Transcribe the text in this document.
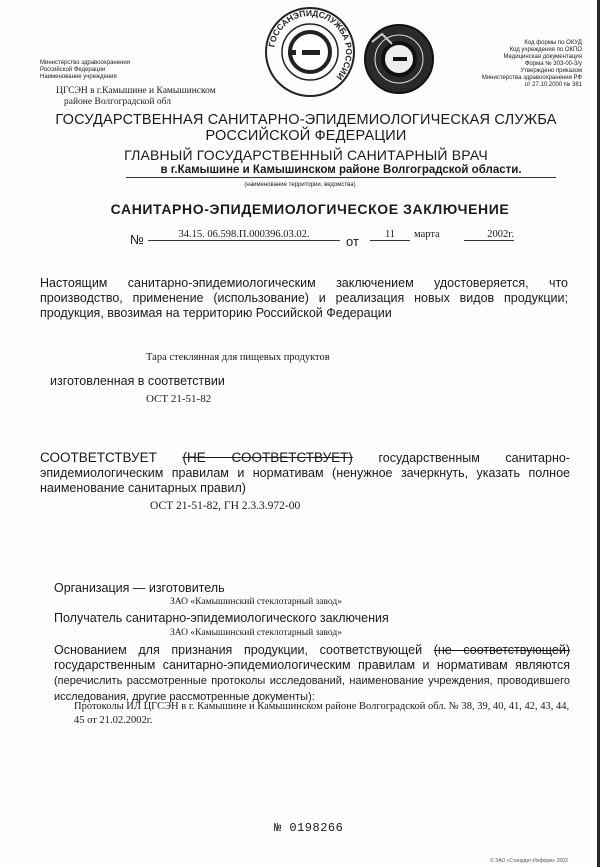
Министерство здравоохранения
Российской Федерации
Наименование учреждения
ЦГСЭН в г.Камышине и Камышинском
районе Волгоградской обл
ГОССАНЭПИДСЛУЖБА РОССИИ
Код формы по ОКУД
Код учреждения по ОКПО
Медицинская документация
Форма № 303-00-3/у
Утверждено приказом
Министерства здравоохранения РФ
от 27.10.2000 № 381
ГОСУДАРСТВЕННАЯ САНИТАРНО-ЭПИДЕМИОЛОГИЧЕСКАЯ СЛУЖБА
РОССИЙСКОЙ ФЕДЕРАЦИИ
ГЛАВНЫЙ ГОСУДАРСТВЕННЫЙ САНИТАРНЫЙ ВРАЧ
в г.Камышине и Камышинском районе Волгоградской области.
(наименование территории, ведомства)
САНИТАРНО-ЭПИДЕМИОЛОГИЧЕСКОЕ ЗАКЛЮЧЕНИЕ
№	34.15. 06.598.П.000396.03.02.	от	11	марта	2002г.
Настоящим санитарно-эпидемиологическим заключением удостоверяется, что производство, применение (использование) и реализация новых видов продукции; продукция, ввозимая на территорию Российской Федерации
Тара стеклянная для пищевых продуктов
изготовленная в соответствии
ОСТ 21-51-82
СООТВЕТСТВУЕТ (НЕ СООТВЕТСТВУЕТ) государственным санитарно-эпидемиологическим правилам и нормативам (ненужное зачеркнуть, указать полное наименование санитарных правил)
ОСТ 21-51-82, ГН 2.3.3.972-00
Организация — изготовитель
ЗАО «Камышинский стеклотарный завод»
Получатель санитарно-эпидемиологического заключения
ЗАО «Камышинский стеклотарный завод»
Основанием для признания продукции, соответствующей (не соответствующей) государственным санитарно-эпидемиологическим правилам и нормативам являются (перечислить рассмотренные протоколы исследований, наименование учреждения, проводившего исследования, другие рассмотренные документы):
Протоколы ИЛ ЦГСЭН в г. Камышине и Камышинском районе Волгоградской обл. № 38, 39, 40, 41, 42, 43, 44, 45 от 21.02.2002г.
№ 0198266
© ЗАО «Стандарт-Информ» 2002
